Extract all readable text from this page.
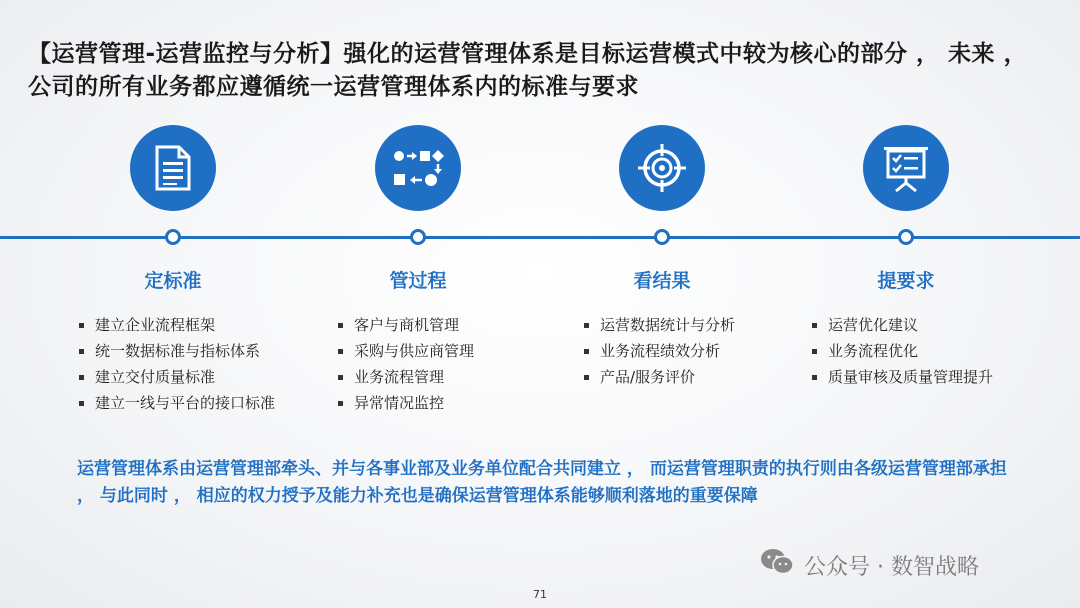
【运营管理-运营监控与分析】强化的运营管理体系是目标运营模式中较为核心的部分 ， 未来 ， 公司的所有业务都应遵循统一运营管理体系内的标准与要求
定标准
建立企业流程框架
统一数据标准与指标体系
建立交付质量标准
建立一线与平台的接口标准
管过程
客户与商机管理
采购与供应商管理
业务流程管理
异常情况监控
看结果
运营数据统计与分析
业务流程绩效分析
产品/服务评价
提要求
运营优化建议
业务流程优化
质量审核及质量管理提升
运营管理体系由运营管理部牵头、并与各事业部及业务单位配合共同建立 ， 而运营管理职责的执行则由各级运营管理部承担 ， 与此同时 ， 相应的权力授予及能力补充也是确保运营管理体系能够顺利落地的重要保障
公众号 · 数智战略
71
